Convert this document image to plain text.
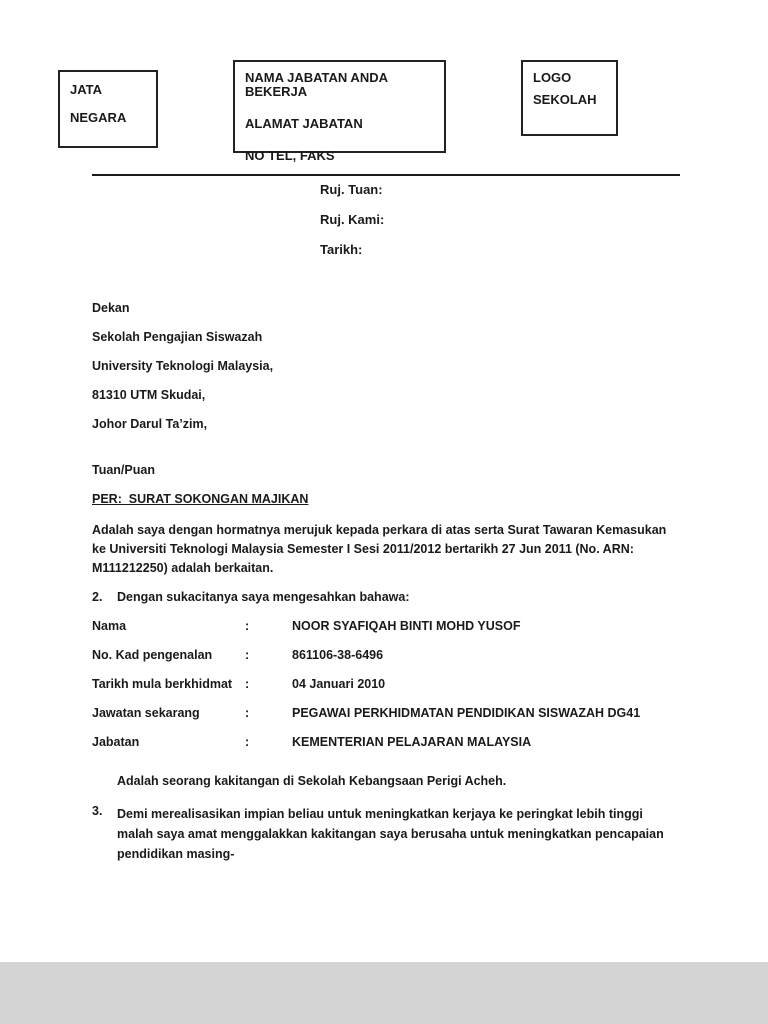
JATA
NEGARA
NAMA JABATAN ANDA BEKERJA
ALAMAT JABATAN
NO TEL, FAKS
LOGO
SEKOLAH
Ruj. Tuan:
Ruj. Kami:
Tarikh:
Dekan
Sekolah Pengajian Siswazah
University Teknologi Malaysia,
81310 UTM Skudai,
Johor Darul Ta’zim,
Tuan/Puan
PER:  SURAT SOKONGAN MAJIKAN

Adalah saya dengan hormatnya merujuk kepada perkara di atas serta Surat Tawaran Kemasukan ke Universiti Teknologi Malaysia Semester I Sesi 2011/2012 bertarikh 27 Jun 2011 (No. ARN: M111212250) adalah berkaitan.

2.	Dengan sukacitanya saya mengesahkan bahawa:
Nama	:	NOOR SYAFIQAH BINTI MOHD YUSOF
No. Kad pengenalan	:	861106-38-6496
Tarikh mula berkhidmat	:	04 Januari 2010
Jawatan sekarang	:	PEGAWAI PERKHIDMATAN PENDIDIKAN SISWAZAH DG41
Jabatan	:	KEMENTERIAN PELAJARAN MALAYSIA

Adalah seorang kakitangan di Sekolah Kebangsaan Perigi Acheh.

3.	Demi merealisasikan impian beliau untuk meningkatkan kerjaya ke peringkat lebih tinggi malah saya amat menggalakkan kakitangan saya berusaha untuk meningkatkan pencapaian pendidikan masing-
